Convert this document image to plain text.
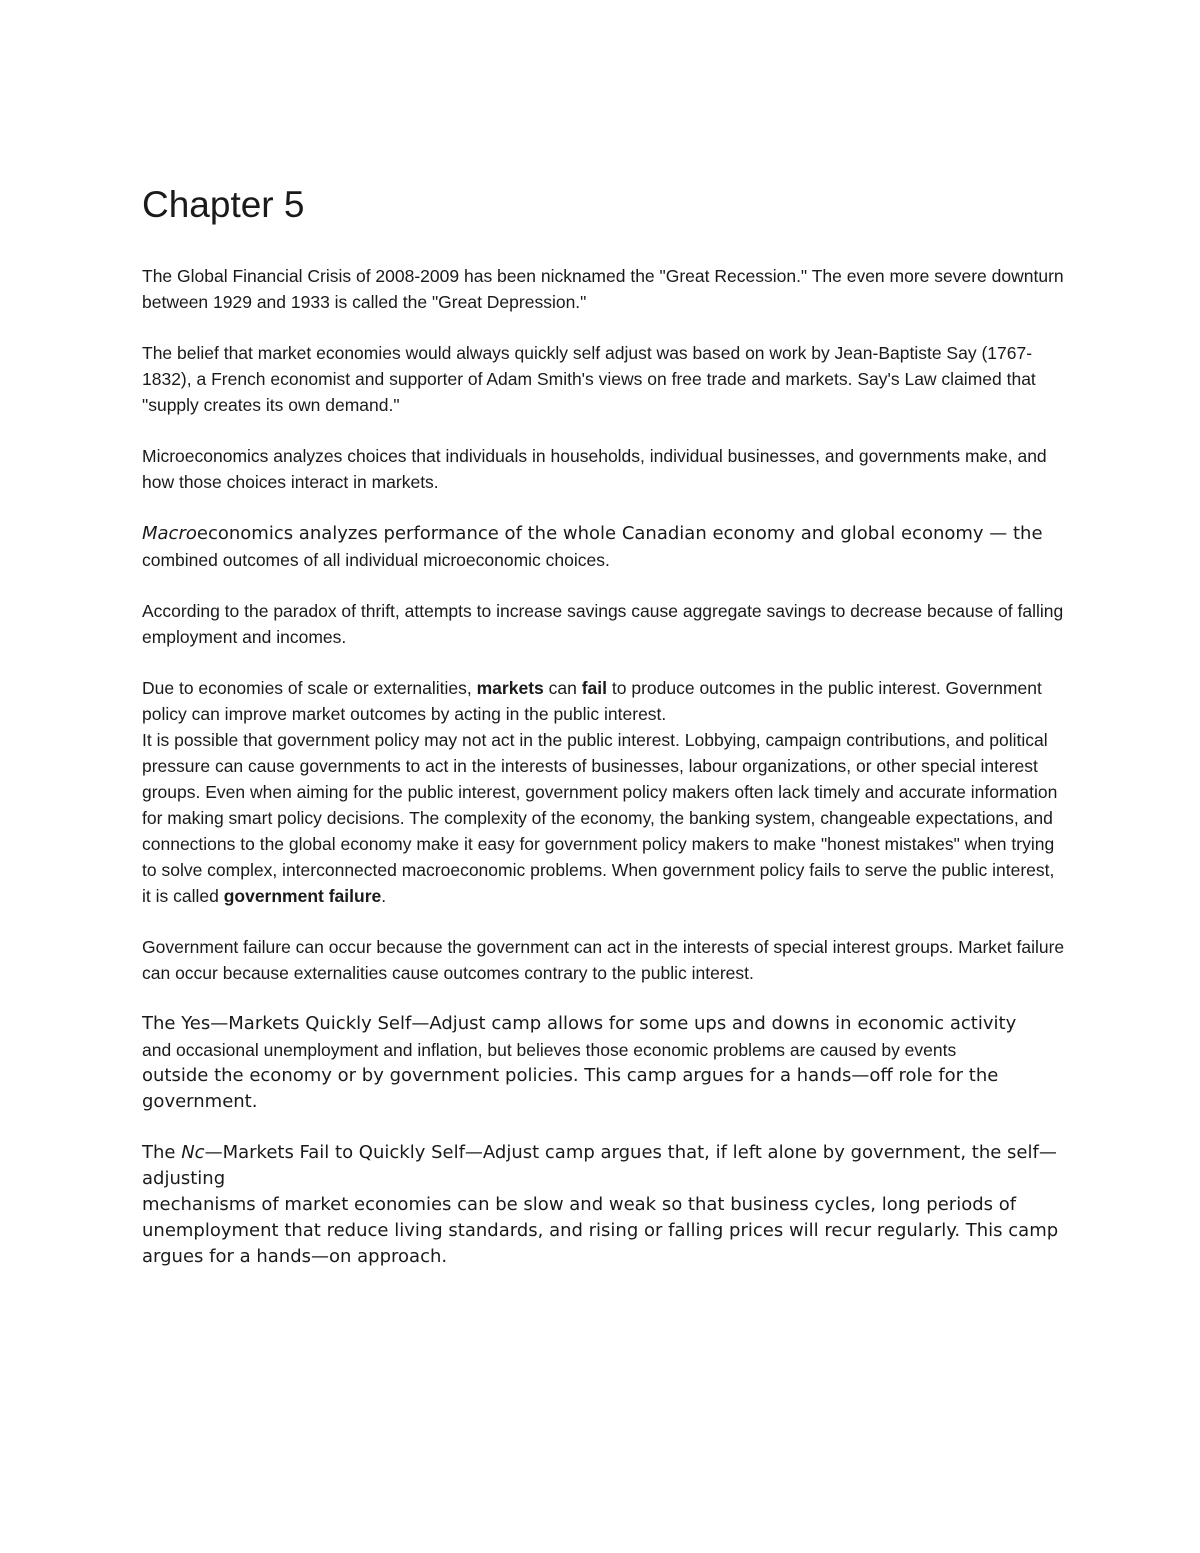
Chapter 5

The Global Financial Crisis of 2008-2009 has been nicknamed the "Great Recession." The even more severe downturn between 1929 and 1933 is called the "Great Depression."

The belief that market economies would always quickly self adjust was based on work by Jean-Baptiste Say (1767-1832), a French economist and supporter of Adam Smith's views on free trade and markets. Say's Law claimed that "supply creates its own demand."

Microeconomics analyzes choices that individuals in households, individual businesses, and governments make, and how those choices interact in markets.

Macroeconomics analyzes performance of the whole Canadian economy and global economy — the
combined outcomes of all individual microeconomic choices.

According to the paradox of thrift, attempts to increase savings cause aggregate savings to decrease because of falling employment and incomes.

Due to economies of scale or externalities, markets can fail to produce outcomes in the public interest. Government policy can improve market outcomes by acting in the public interest.
It is possible that government policy may not act in the public interest. Lobbying, campaign contributions, and political pressure can cause governments to act in the interests of businesses, labour organizations, or other special interest groups. Even when aiming for the public interest, government policy makers often lack timely and accurate information for making smart policy decisions. The complexity of the economy, the banking system, changeable expectations, and connections to the global economy make it easy for government policy makers to make "honest mistakes" when trying to solve complex, interconnected macroeconomic problems. When government policy fails to serve the public interest, it is called government failure.

Government failure can occur because the government can act in the interests of special interest groups. Market failure can occur because externalities cause outcomes contrary to the public interest.

The Yes—Markets Quickly Self—Adjust camp allows for some ups and downs in economic activity
and occasional unemployment and inflation, but believes those economic problems are caused by events
outside the economy or by government policies. This camp argues for a hands—off role for the government.

The Nc—Markets Fail to Quickly Self—Adjust camp argues that, if left alone by government, the self—adjusting
mechanisms of market economies can be slow and weak so that business cycles, long periods of unemployment that reduce living standards, and rising or falling prices will recur regularly. This camp argues for a hands—on approach.
